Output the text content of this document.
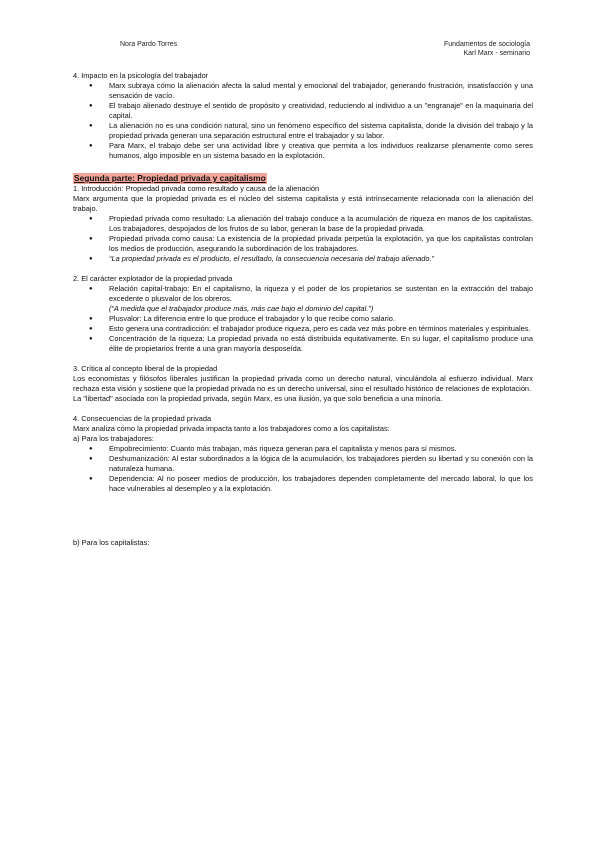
Nora Pardo Torres	Fundamentos de sociología
Karl Marx - seminario

4. Impacto en la psicología del trabajador

● Marx subraya cómo la alienación afecta la salud mental y emocional del trabajador, generando frustración, insatisfacción y una sensación de vacío.
● El trabajo alienado destruye el sentido de propósito y creatividad, reduciendo al individuo a un "engranaje" en la maquinaria del capital.
● La alienación no es una condición natural, sino un fenómeno específico del sistema capitalista, donde la división del trabajo y la propiedad privada generan una separación estructural entre el trabajador y su labor.
● Para Marx, el trabajo debe ser una actividad libre y creativa que permita a los individuos realizarse plenamente como seres humanos, algo imposible en un sistema basado en la explotación.
Segunda parte: Propiedad privada y capitalismo

1. Introducción: Propiedad privada como resultado y causa de la alienación

Marx argumenta que la propiedad privada es el núcleo del sistema capitalista y está intrínsecamente relacionada con la alienación del trabajo.

● Propiedad privada como resultado: La alienación del trabajo conduce a la acumulación de riqueza en manos de los capitalistas. Los trabajadores, despojados de los frutos de su labor, generan la base de la propiedad privada.
● Propiedad privada como causa: La existencia de la propiedad privada perpetúa la explotación, ya que los capitalistas controlan los medios de producción, asegurando la subordinación de los trabajadores.
● “La propiedad privada es el producto, el resultado, la consecuencia necesaria del trabajo alienado.”

2. El carácter explotador de la propiedad privada

● Relación capital-trabajo: En el capitalismo, la riqueza y el poder de los propietarios se sustentan en la extracción del trabajo excedente o plusvalor de los obreros.
(“A medida que el trabajador produce más, más cae bajo el dominio del capital.”)
● Plusvalor: La diferencia entre lo que produce el trabajador y lo que recibe como salario.
● Esto genera una contradicción: el trabajador produce riqueza, pero es cada vez más pobre en términos materiales y espirituales.
● Concentración de la riqueza: La propiedad privada no está distribuida equitativamente. En su lugar, el capitalismo produce una élite de propietarios frente a una gran mayoría desposeída.

3. Crítica al concepto liberal de la propiedad

Los economistas y filósofos liberales justifican la propiedad privada como un derecho natural, vinculándola al esfuerzo individual. Marx rechaza esta visión y sostiene que la propiedad privada no es un derecho universal, sino el resultado histórico de relaciones de explotación.

La "libertad" asociada con la propiedad privada, según Marx, es una ilusión, ya que solo beneficia a una minoría.

4. Consecuencias de la propiedad privada

Marx analiza cómo la propiedad privada impacta tanto a los trabajadores como a los capitalistas:

a) Para los trabajadores:

● Empobrecimiento: Cuanto más trabajan, más riqueza generan para el capitalista y menos para sí mismos.
● Deshumanización: Al estar subordinados a la lógica de la acumulación, los trabajadores pierden su libertad y su conexión con la naturaleza humana.
● Dependencia: Al no poseer medios de producción, los trabajadores dependen completamente del mercado laboral, lo que los hace vulnerables al desempleo y a la explotación.

b) Para los capitalistas:
